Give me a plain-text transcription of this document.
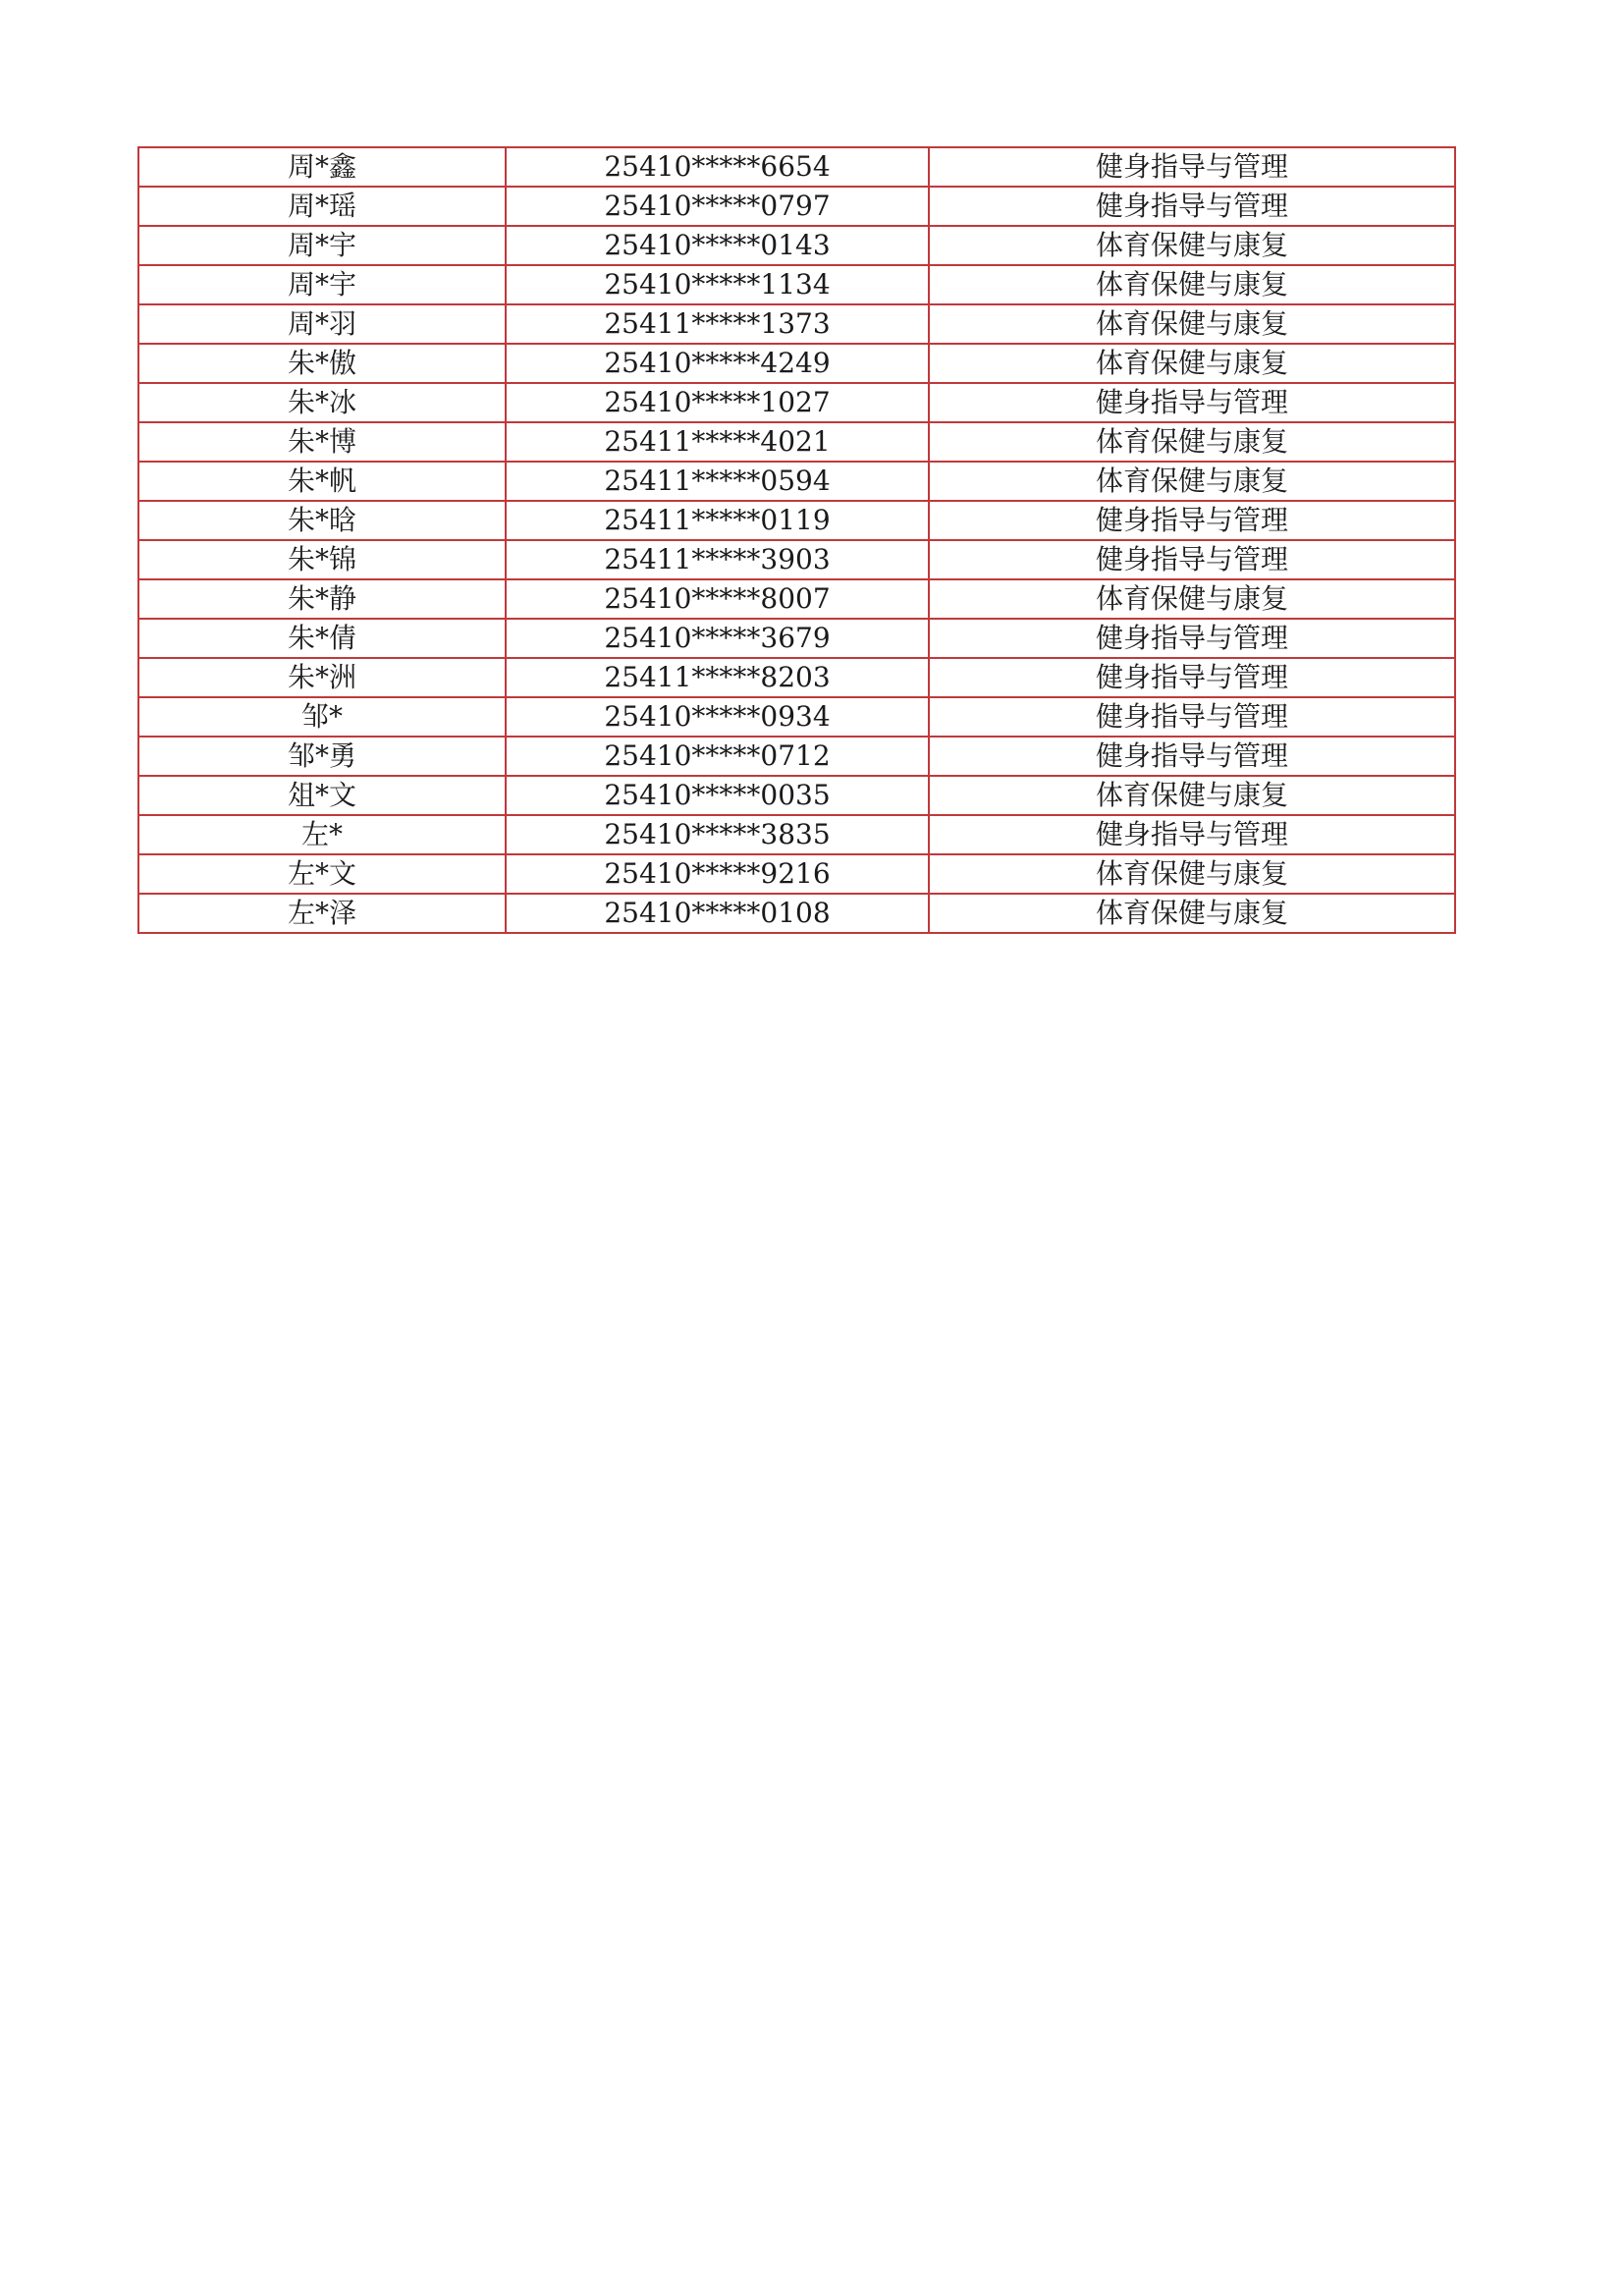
周*鑫	25410*****6654	健身指导与管理
周*瑶	25410*****0797	健身指导与管理
周*宇	25410*****0143	体育保健与康复
周*宇	25410*****1134	体育保健与康复
周*羽	25411*****1373	体育保健与康复
朱*傲	25410*****4249	体育保健与康复
朱*冰	25410*****1027	健身指导与管理
朱*博	25411*****4021	体育保健与康复
朱*帆	25411*****0594	体育保健与康复
朱*晗	25411*****0119	健身指导与管理
朱*锦	25411*****3903	健身指导与管理
朱*静	25410*****8007	体育保健与康复
朱*倩	25410*****3679	健身指导与管理
朱*洲	25411*****8203	健身指导与管理
邹*	25410*****0934	健身指导与管理
邹*勇	25410*****0712	健身指导与管理
俎*文	25410*****0035	体育保健与康复
左*	25410*****3835	健身指导与管理
左*文	25410*****9216	体育保健与康复
左*泽	25410*****0108	体育保健与康复
